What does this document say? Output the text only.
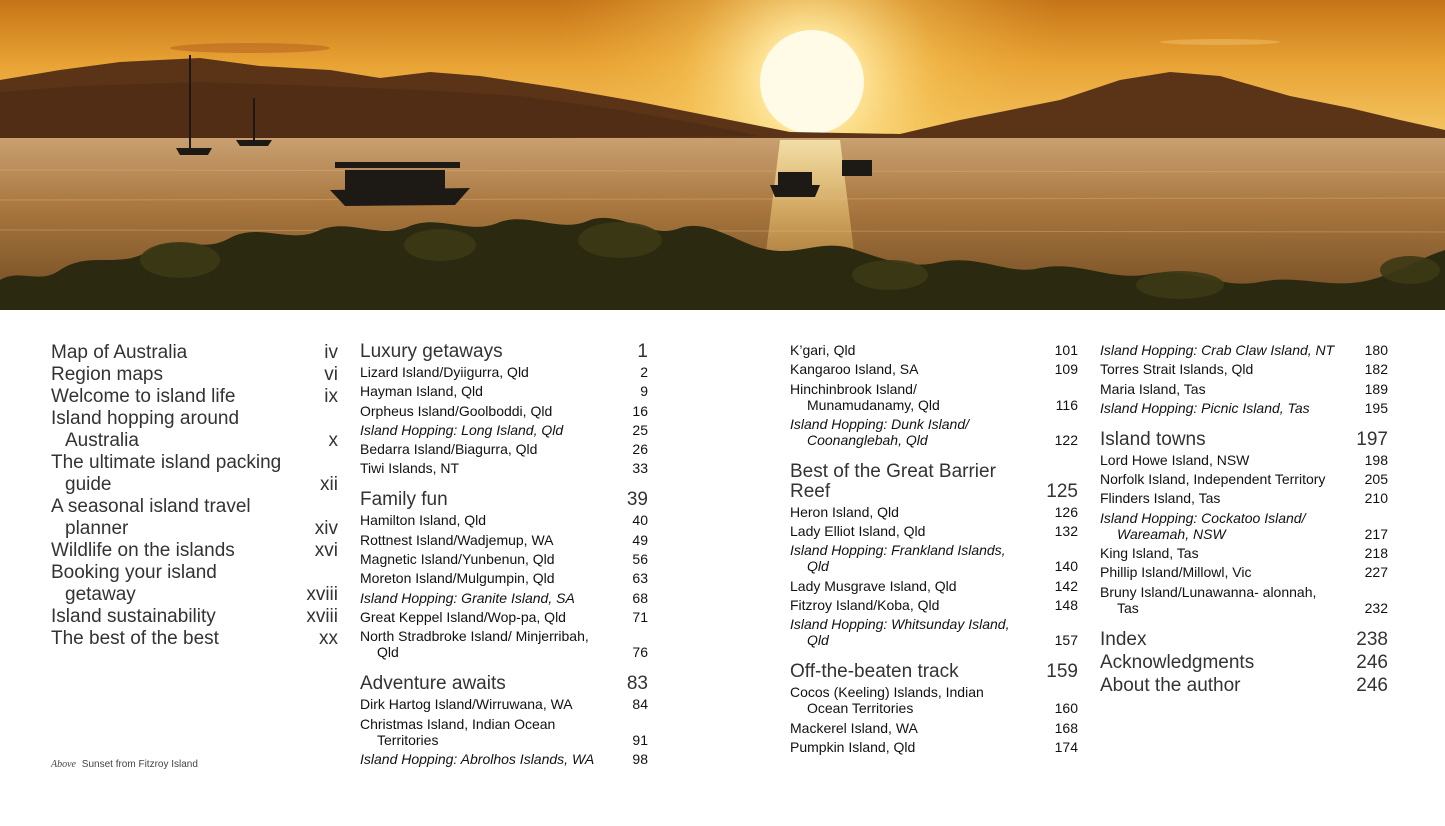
Map of Australia	iv
Region maps	vi
Welcome to island life	ix
Island hopping around Australia	x
The ultimate island packing guide	xii
A seasonal island travel planner	xiv
Wildlife on the islands	xvi
Booking your island getaway	xviii
Island sustainability	xviii
The best of the best	xx
Luxury getaways	1
Lizard Island/Dyiigurra, Qld	2
Hayman Island, Qld	9
Orpheus Island/Goolboddi, Qld	16
Island Hopping: Long Island, Qld	25
Bedarra Island/Biagurra, Qld	26
Tiwi Islands, NT	33
Family fun	39
Hamilton Island, Qld	40
Rottnest Island/Wadjemup, WA	49
Magnetic Island/Yunbenun, Qld	56
Moreton Island/Mulgumpin, Qld	63
Island Hopping: Granite Island, SA	68
Great Keppel Island/Wop-pa, Qld	71
North Stradbroke Island/ Minjerribah, Qld	76
Adventure awaits	83
Dirk Hartog Island/Wirruwana, WA	84
Christmas Island, Indian Ocean Territories	91
Island Hopping: Abrolhos Islands, WA	98
K’gari, Qld	101
Kangaroo Island, SA	109
Hinchinbrook Island/ Munamudanamy, Qld	116
Island Hopping: Dunk Island/ Coonanglebah, Qld	122
Best of the Great Barrier Reef	125
Heron Island, Qld	126
Lady Elliot Island, Qld	132
Island Hopping: Frankland Islands, Qld	140
Lady Musgrave Island, Qld	142
Fitzroy Island/Koba, Qld	148
Island Hopping: Whitsunday Island, Qld	157
Off-the-beaten track	159
Cocos (Keeling) Islands, Indian Ocean Territories	160
Mackerel Island, WA	168
Pumpkin Island, Qld	174
Island Hopping: Crab Claw Island, NT	180
Torres Strait Islands, Qld	182
Maria Island, Tas	189
Island Hopping: Picnic Island, Tas	195
Island towns	197
Lord Howe Island, NSW	198
Norfolk Island, Independent Territory	205
Flinders Island, Tas	210
Island Hopping: Cockatoo Island/ Wareamah, NSW	217
King Island, Tas	218
Phillip Island/Millowl, Vic	227
Bruny Island/Lunawanna- alonnah, Tas	232
Index	238
Acknowledgments	246
About the author	246
Above Sunset from Fitzroy Island
